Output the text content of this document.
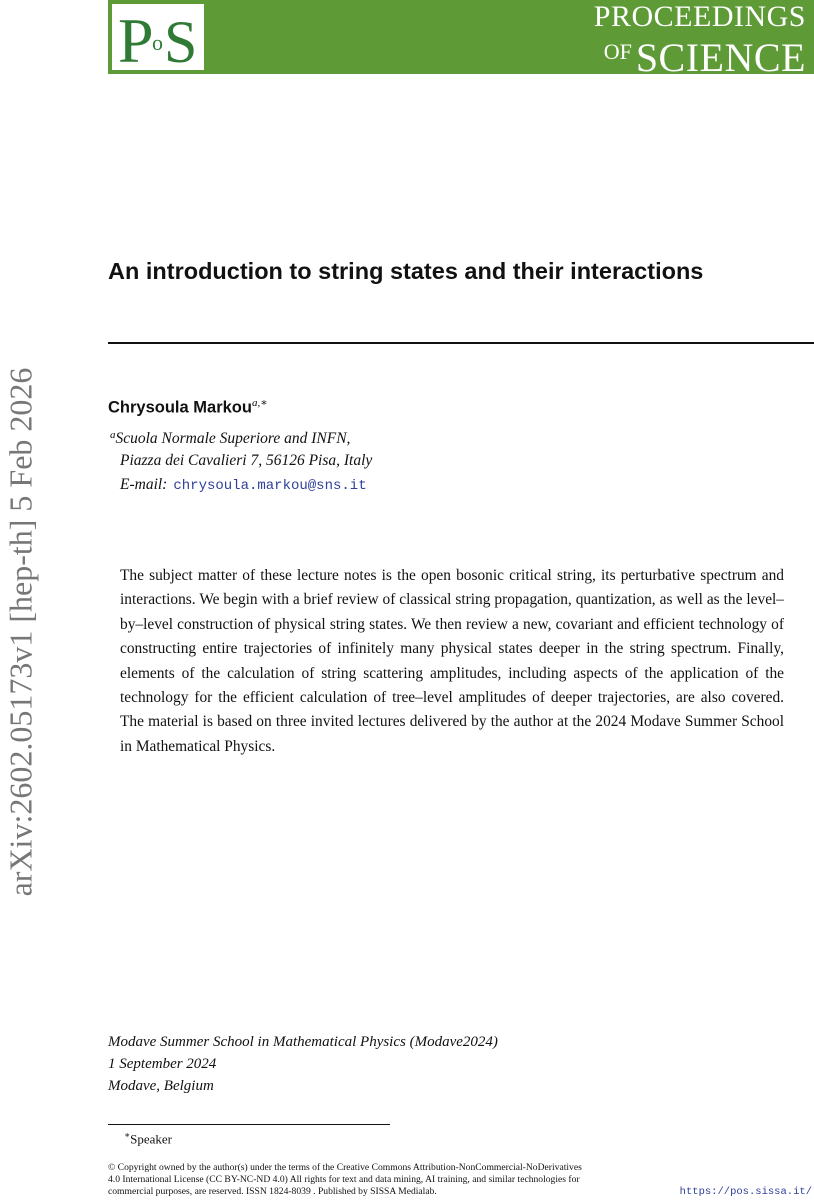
P
o S	PROCEEDINGS
OF SCIENCE
arXiv:2602.05173v1 [hep-th] 5 Feb 2026
An introduction to string states and their interactions
Chrysoula Markou$^{a,∗}$
$^a$Scuola Normale Superiore and INFN,
Piazza dei Cavalieri 7, 56126 Pisa, Italy
E-mail: chrysoula.markou@sns.it
The subject matter of these lecture notes is the open bosonic critical string, its perturbative spectrum and interactions. We begin with a brief review of classical string propagation, quantization, as well as the level–by–level construction of physical string states. We then review a new, covariant and efficient technology of constructing entire trajectories of infinitely many physical states deeper in the string spectrum. Finally, elements of the calculation of string scattering amplitudes, including aspects of the application of the technology for the efficient calculation of tree–level amplitudes of deeper trajectories, are also covered. The material is based on three invited lectures delivered by the author at the 2024 Modave Summer School in Mathematical Physics.
Modave Summer School in Mathematical Physics (Modave2024)
1 September 2024
Modave, Belgium
∗Speaker
© Copyright owned by the author(s) under the terms of the Creative Commons Attribution-NonCommercial-NoDerivatives
4.0 International License (CC BY-NC-ND 4.0) All rights for text and data mining, AI training, and similar technologies for
commercial purposes, are reserved. ISSN 1824-8039 . Published by SISSA Medialab.	https://pos.sissa.it/
